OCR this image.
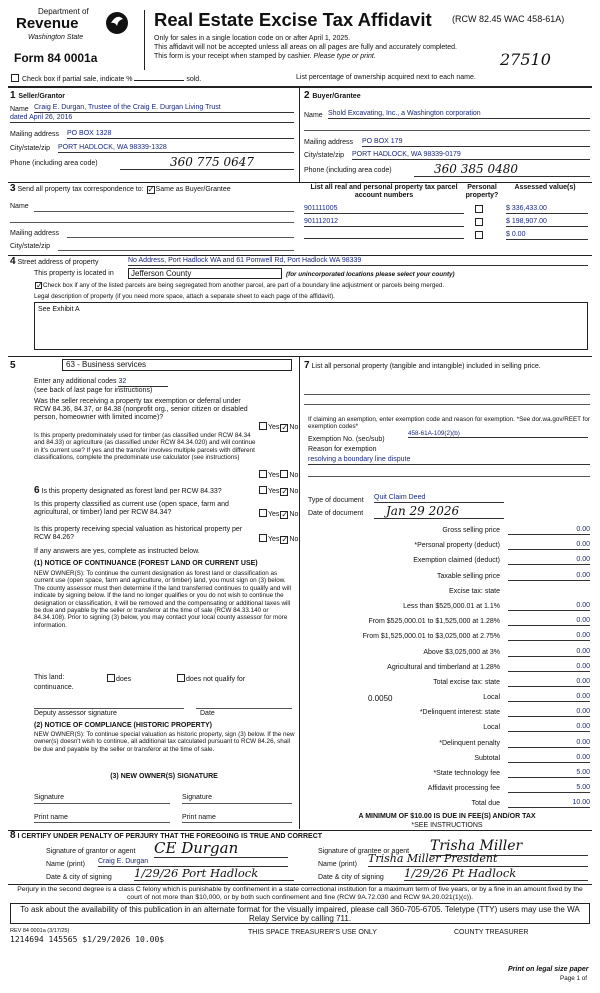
Department of
Revenue
Washington State
Form 84 0001a
Real Estate Excise Tax Affidavit (RCW 82.45 WAC 458-61A)
Only for sales in a single location code on or after April 1, 2025.
This affidavit will not be accepted unless all areas on all pages are fully and accurately completed.
This form is your receipt when stamped by cashier. Please type or print.	27510
Check box if partial sale, indicate %	sold.	List percentage of ownership acquired next to each name.
1 Seller/Grantor
Name Craig E. Durgan, Trustee of the Craig E. Durgan Living Trust
dated April 26, 2016
Mailing address PO BOX 1328
City/state/zip PORT HADLOCK, WA 98339-1328
Phone (including area code)	360 775 0647
2 Buyer/Grantee
Name Shold Excavating, Inc., a Washington corporation
Mailing address PO BOX 179
City/state/zip PORT HADLOCK, WA 98339-0179
Phone (including area code)	360 385 0480
3 Send all property tax correspondence to: ✓Same as Buyer/Grantee
Name
Mailing address
City/state/zip
List all real and personal property tax parcel account numbers
Personal property?
Assessed value(s)
901111005	$ 336,433.00
901112012	$ 198,907.00
$ 0.00
4 Street address of property	No Address, Port Hadlock WA and 61 Pomwell Rd, Port Hadlock WA 98339
This property is located in	Jefferson County	(for unincorporated locations please select your county)
✓Check box if any of the listed parcels are being segregated from another parcel, are part of a boundary line adjustment or parcels being merged.
Legal description of property (if you need more space, attach a separate sheet to each page of the affidavit).
See Exhibit A
5	63 - Business services
Enter any additional codes 32
(see back of last page for instructions)
Was the seller receiving a property tax exemption or deferral under RCW 84.36, 84.37, or 84.38 (nonprofit org., senior citizen or disabled person, homeowner with limited income)?
Yes ✓No
Is this property predominately used for timber (as classified under RCW 84.34 and 84.33) or agriculture (as classified under RCW 84.34.020) and will continue in it's current use? If yes and the transfer involves multiple parcels with different classifications, complete the predominate use calculator (see instructions)
Yes No
6 Is this property designated as forest land per RCW 84.33?	Yes ✓No
Is this property classified as current use (open space, farm and agricultural, or timber) land per RCW 84.34?	Yes ✓No
Is this property receiving special valuation as historical property per RCW 84.26?	Yes ✓No
If any answers are yes, complete as instructed below.
(1) NOTICE OF CONTINUANCE (FOREST LAND OR CURRENT USE)
NEW OWNER(S): To continue the current designation as forest land or classification as current use (open space, farm and agriculture, or timber) land, you must sign on (3) below. The county assessor must then determine if the land transferred continues to qualify and will indicate by signing below. If the land no longer qualifies or you do not wish to continue the designation or classification, it will be removed and the compensating or additional taxes will be due and payable by the seller or transferor at the time of sale (RCW 84.33.140 or 84.34.108). Prior to signing (3) below, you may contact your local county assessor for more information.
This land:	does	does not qualify for
continuance.
Deputy assessor signature	Date
(2) NOTICE OF COMPLIANCE (HISTORIC PROPERTY)
NEW OWNER(S): To continue special valuation as historic property, sign (3) below. If the new owner(s) doesn't wish to continue, all additional tax calculated pursuant to RCW 84.26, shall be due and payable by the seller or transferor at the time of sale.
(3) NEW OWNER(S) SIGNATURE
Signature	Signature
Print name	Print name
7 List all personal property (tangible and intangible) included in selling price.
If claiming an exemption, enter exemption code and reason for exemption. *See dor.wa.gov/REET for exemption codes*
Exemption No. (sec/sub)
458-61A-109(2)(b)
Reason for exemption
resolving a boundary line dispute
Type of document Quit Claim Deed
Date of document	Jan 29 2026
Gross selling price	0.00
*Personal property (deduct)	0.00
Exemption claimed (deduct)	0.00
Taxable selling price	0.00
Excise tax: state
Less than $525,000.01 at 1.1%	0.00
From $525,000.01 to $1,525,000 at 1.28%	0.00
From $1,525,000.01 to $3,025,000 at 2.75%	0.00
Above $3,025,000 at 3%	0.00
Agricultural and timberland at 1.28%	0.00
Total excise tax: state	0.00
0.0050	Local	0.00
*Delinquent interest: state	0.00
Local	0.00
*Delinquent penalty	0.00
Subtotal	0.00
*State technology fee	5.00
Affidavit processing fee	5.00
Total due	10.00
A MINIMUM OF $10.00 IS DUE IN FEE(S) AND/OR TAX
*SEE INSTRUCTIONS
8 I CERTIFY UNDER PENALTY OF PERJURY THAT THE FOREGOING IS TRUE AND CORRECT
Signature of grantor or agent CE Durgan
Name (print) Craig E. Durgan
Date & city of signing 1/29/26 Port Hadlock
Signature of grantee or agent Trisha Miller
Name (print) Trisha Miller President
Date & city of signing 1/29/26 Pt Hadlock
Perjury in the second degree is a class C felony which is punishable by confinement in a state correctional institution for a maximum term of five years, or by a fine in an amount fixed by the court of not more than $10,000, or by both such confinement and fine (RCW 9A.72.030 and RCW 9A.20.021(1)(c)).
To ask about the availability of this publication in an alternate format for the visually impaired, please call 360-705-6705. Teletype (TTY) users may use the WA Relay Service by calling 711.
REV 84 0001a (3/17/25)
1214694 145565 $1/29/2026 10.00$
THIS SPACE TREASURER'S USE ONLY	COUNTY TREASURER
Print on legal size paper
Page 1 of
